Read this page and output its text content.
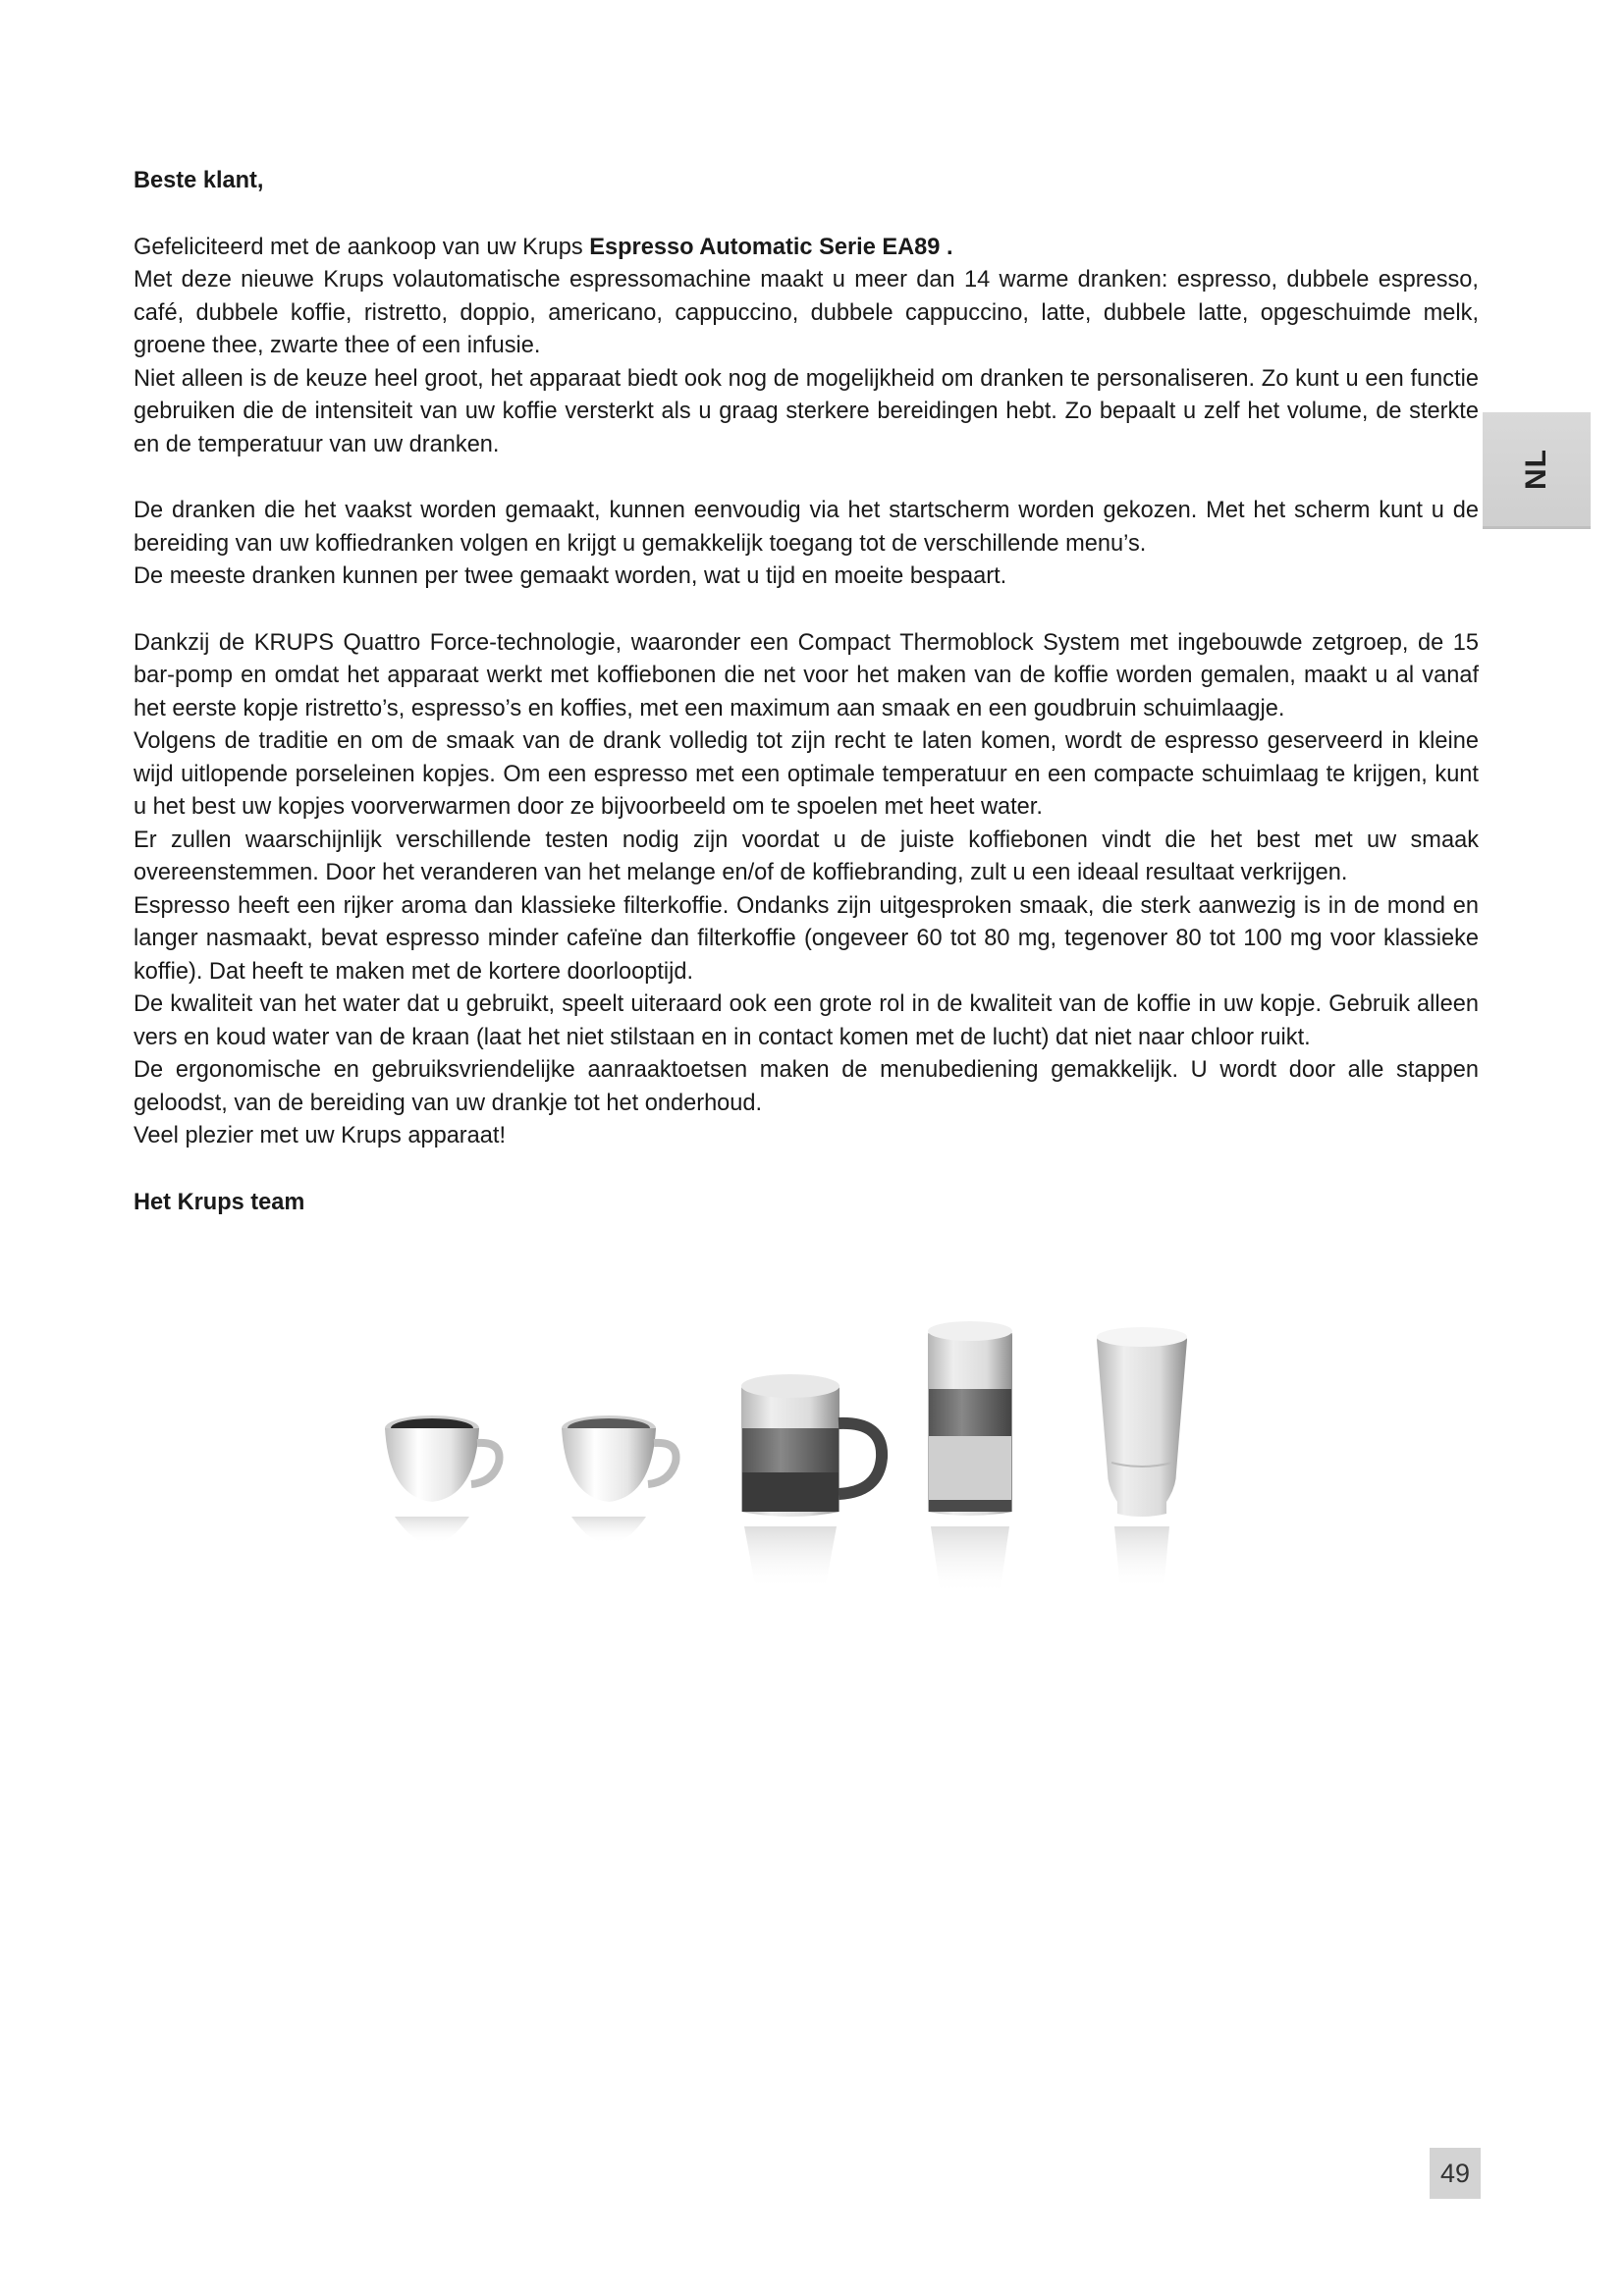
Beste klant,

Gefeliciteerd met de aankoop van uw Krups Espresso Automatic Serie EA89 .

Met deze nieuwe Krups volautomatische espressomachine maakt u meer dan 14 warme dranken: espresso, dubbele espresso, café, dubbele koffie, ristretto, doppio, americano, cappuccino, dubbele cappuccino, latte, dubbele latte, opgeschuimde melk, groene thee, zwarte thee of een infusie.

Niet alleen is de keuze heel groot, het apparaat biedt ook nog de mogelijkheid om dranken te personaliseren. Zo kunt u een functie gebruiken die de intensiteit van uw koffie versterkt als u graag sterkere bereidingen hebt. Zo bepaalt u zelf het volume, de sterkte en de temperatuur van uw dranken.

De dranken die het vaakst worden gemaakt, kunnen eenvoudig via het startscherm worden gekozen. Met het scherm kunt u de bereiding van uw koffiedranken volgen en krijgt u gemakkelijk toegang tot de verschillende menu’s.

De meeste dranken kunnen per twee gemaakt worden, wat u tijd en moeite bespaart.

Dankzij de KRUPS Quattro Force-technologie, waaronder een Compact Thermoblock System met ingebouwde zetgroep, de 15 bar-pomp en omdat het apparaat werkt met koffiebonen die net voor het maken van de koffie worden gemalen, maakt u al vanaf het eerste kopje ristretto’s, espresso’s en koffies, met een maximum aan smaak en een goudbruin schuimlaagje.

Volgens de traditie en om de smaak van de drank volledig tot zijn recht te laten komen, wordt de espresso geserveerd in kleine wijd uitlopende porseleinen kopjes. Om een espresso met een optimale temperatuur en een compacte schuimlaag te krijgen, kunt u het best uw kopjes voorverwarmen door ze bijvoorbeeld om te spoelen met heet water.

Er zullen waarschijnlijk verschillende testen nodig zijn voordat u de juiste koffiebonen vindt die het best met uw smaak overeenstemmen. Door het veranderen van het melange en/of de koffiebranding, zult u een ideaal resultaat verkrijgen.

Espresso heeft een rijker aroma dan klassieke filterkoffie. Ondanks zijn uitgesproken smaak, die sterk aanwezig is in de mond en langer nasmaakt, bevat espresso minder cafeïne dan filterkoffie (ongeveer 60 tot 80 mg, tegenover 80 tot 100 mg voor klassieke koffie). Dat heeft te maken met de kortere doorlooptijd.

De kwaliteit van het water dat u gebruikt, speelt uiteraard ook een grote rol in de kwaliteit van de koffie in uw kopje. Gebruik alleen vers en koud water van de kraan (laat het niet stilstaan en in contact komen met de lucht) dat niet naar chloor ruikt.

De ergonomische en gebruiksvriendelijke aanraaktoetsen maken de menubediening gemakkelijk. U wordt door alle stappen geloodst, van de bereiding van uw drankje tot het onderhoud.

Veel plezier met uw Krups apparaat!

Het Krups team

NL
49
